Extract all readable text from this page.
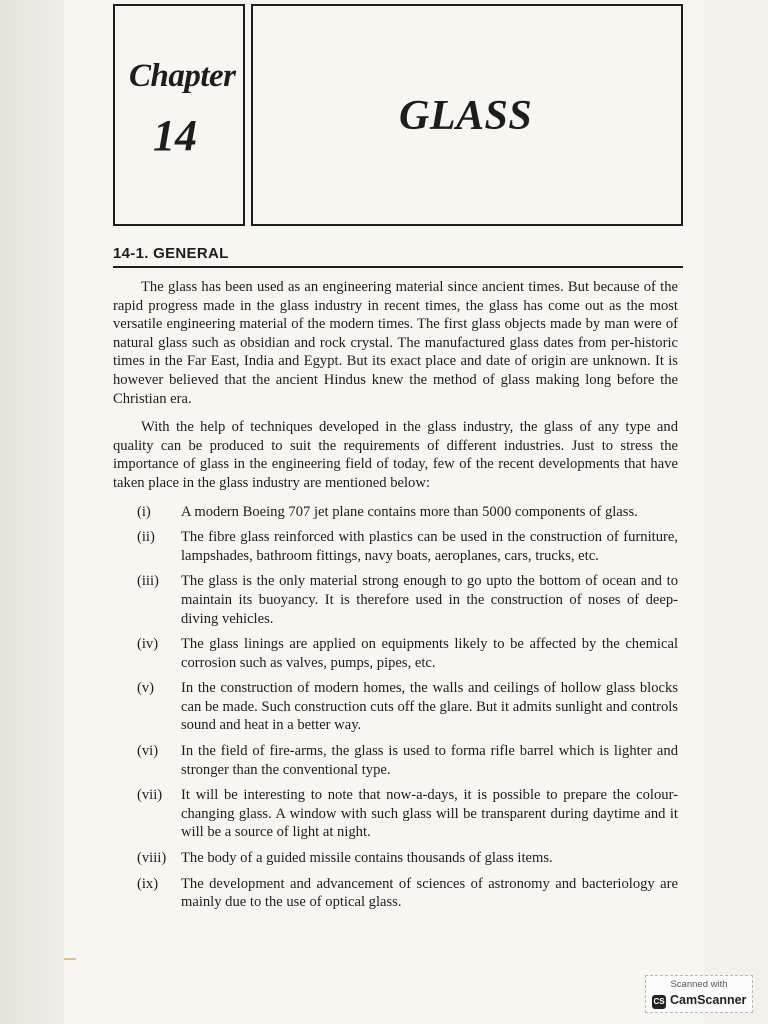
Chapter
14	GLASS
14-1. GENERAL

The glass has been used as an engineering material since ancient times. But because of the rapid progress made in the glass industry in recent times, the glass has come out as the most versatile engineering material of the modern times. The first glass objects made by man were of natural glass such as obsidian and rock crystal. The manufactured glass dates from per-historic times in the Far East, India and Egypt. But its exact place and date of origin are unknown. It is however believed that the ancient Hindus knew the method of glass making long before the Christian era.

With the help of techniques developed in the glass industry, the glass of any type and quality can be produced to suit the requirements of different industries. Just to stress the importance of glass in the engineering field of today, few of the recent developments that have taken place in the glass industry are mentioned below:

(i)	A modern Boeing 707 jet plane contains more than 5000 components of glass.
(ii)	The fibre glass reinforced with plastics can be used in the construction of furniture, lampshades, bathroom fittings, navy boats, aeroplanes, cars, trucks, etc.
(iii)	The glass is the only material strong enough to go upto the bottom of ocean and to maintain its buoyancy. It is therefore used in the construction of noses of deep-diving vehicles.
(iv)	The glass linings are applied on equipments likely to be affected by the chemical corrosion such as valves, pumps, pipes, etc.
(v)	In the construction of modern homes, the walls and ceilings of hollow glass blocks can be made. Such construction cuts off the glare. But it admits sunlight and controls sound and heat in a better way.
(vi)	In the field of fire-arms, the glass is used to forma rifle barrel which is lighter and stronger than the conventional type.
(vii)	It will be interesting to note that now-a-days, it is possible to prepare the colour-changing glass. A window with such glass will be transparent during daytime and it will be a source of light at night.
(viii)	The body of a guided missile contains thousands of glass items.
(ix)	The development and advancement of sciences of astronomy and bacteriology are mainly due to the use of optical glass.
Scanned with
CS CamScanner
